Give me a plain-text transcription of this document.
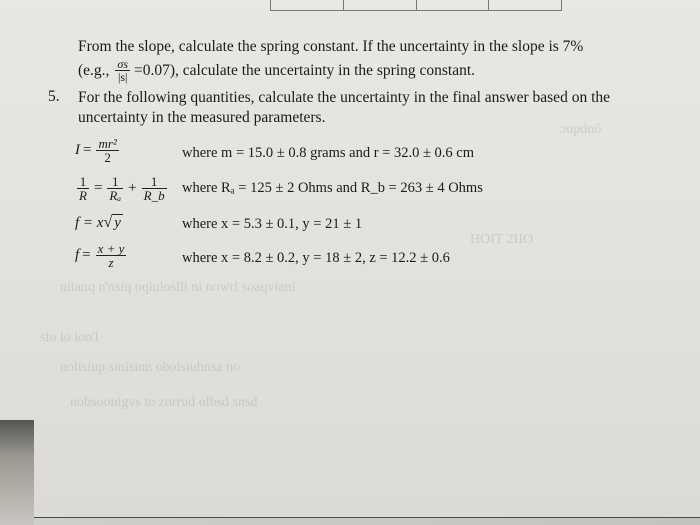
ɔupdnō
HOIT 2IIO
nitanq n'nsiq oqiuloslli ni nowrl soaqviani
sio lo ion'l
nolisiup sinisinn obolsiubnsa no
nobsoonigvs to zorrud olbsd snsd
From the slope, calculate the spring constant. If the uncertainty in the slope is 7%
(e.g., $\frac{\sigma s}{|s|} =0.07$), calculate the uncertainty in the spring constant.
5. For the following quantities, calculate the uncertainty in the final answer based on the uncertainty in the measured parameters.
$I = \frac{\text{mr²}}{2}$	where m = 15.0 ± 0.8 grams and r = 32.0 ± 0.6 cm
$\frac{1}{R} = \frac{1}{\text{Rₐ}} + \frac{1}{R\_b}$ where Rₐ = 125 ± 2 Ohms and R_b = 263 ± 4 Ohms
f = x √ y	where x = 5.3 ± 0.1, y = 21 ± 1
$f = \frac{x + y}{z}$	where x = 8.2 ± 0.2, y = 18 ± 2, z = 12.2 ± 0.6
